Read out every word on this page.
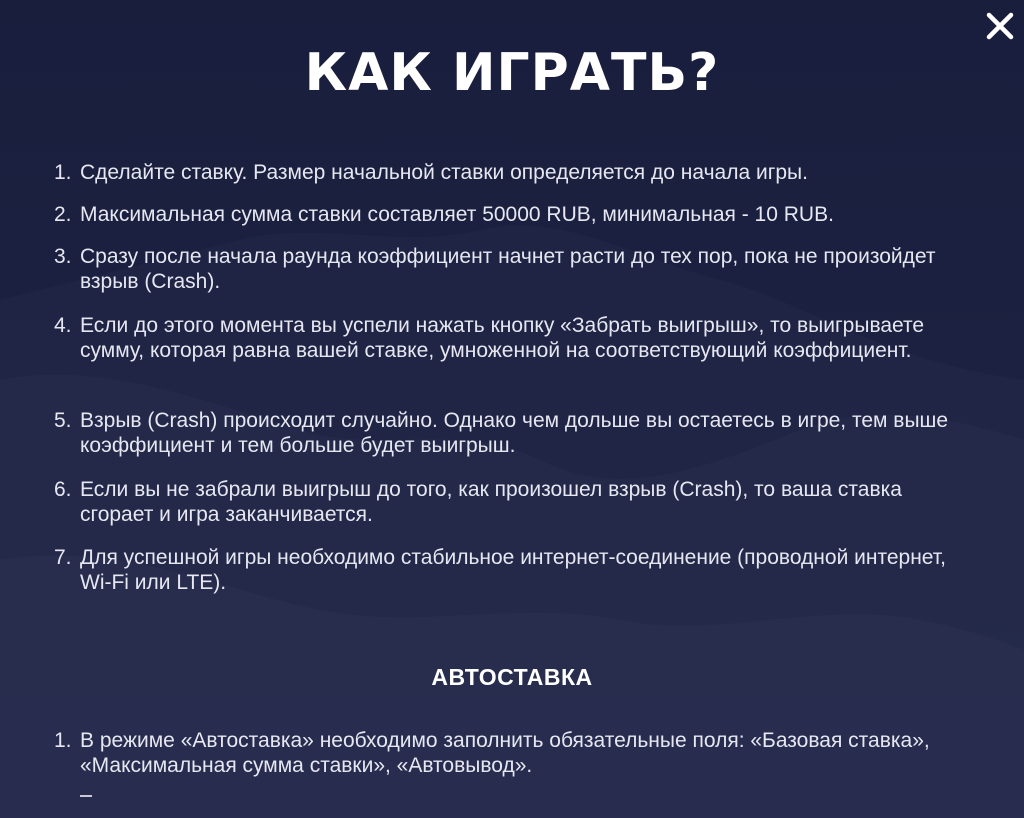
КАК ИГРАТЬ?
1. Сделайте ставку. Размер начальной ставки определяется до начала игры.
2. Максимальная сумма ставки составляет 50000 RUB, минимальная - 10 RUB.
3. Сразу после начала раунда коэффициент начнет расти до тех пор, пока не произойдет взрыв (Crash).
4. Если до этого момента вы успели нажать кнопку «Забрать выигрыш», то выигрываете сумму, которая равна вашей ставке, умноженной на соответствующий коэффициент.
5. Взрыв (Crash) происходит случайно. Однако чем дольше вы остаетесь в игре, тем выше коэффициент и тем больше будет выигрыш.
6. Если вы не забрали выигрыш до того, как произошел взрыв (Crash), то ваша ставка сгорает и игра заканчивается.
7. Для успешной игры необходимо стабильное интернет-соединение (проводной интернет, Wi-Fi или LTE).
АВТОСТАВКА
1. В режиме «Автоставка» необходимо заполнить обязательные поля: «Базовая ставка», «Максимальная сумма ставки», «Автовывод».
